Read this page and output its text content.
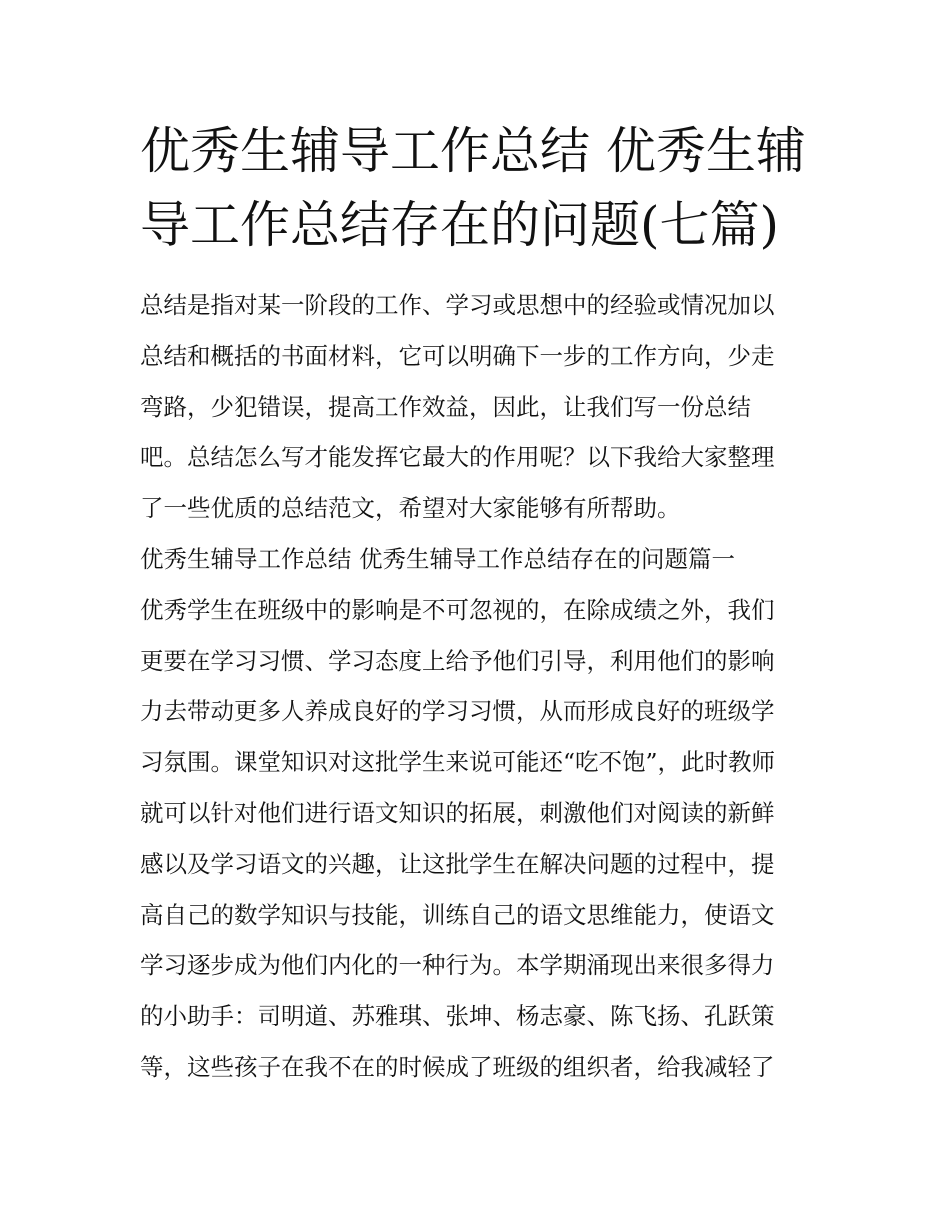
优秀生辅导工作总结 优秀生辅
导工作总结存在的问题(七篇)
总结是指对某一阶段的工作、学习或思想中的经验或情况加以
总结和概括的书面材料，它可以明确下一步的工作方向，少走
弯路，少犯错误，提高工作效益，因此，让我们写一份总结
吧。总结怎么写才能发挥它最大的作用呢？以下我给大家整理
了一些优质的总结范文，希望对大家能够有所帮助。
优秀生辅导工作总结 优秀生辅导工作总结存在的问题篇一
优秀学生在班级中的影响是不可忽视的，在除成绩之外，我们
更要在学习习惯、学习态度上给予他们引导，利用他们的影响
力去带动更多人养成良好的学习习惯，从而形成良好的班级学
习氛围。课堂知识对这批学生来说可能还“吃不饱”，此时教师
就可以针对他们进行语文知识的拓展，刺激他们对阅读的新鲜
感以及学习语文的兴趣，让这批学生在解决问题的过程中，提
高自己的数学知识与技能，训练自己的语文思维能力，使语文
学习逐步成为他们内化的一种行为。本学期涌现出来很多得力
的小助手：司明道、苏雅琪、张坤、杨志豪、陈飞扬、孔跃策
等，这些孩子在我不在的时候成了班级的组织者，给我减轻了
